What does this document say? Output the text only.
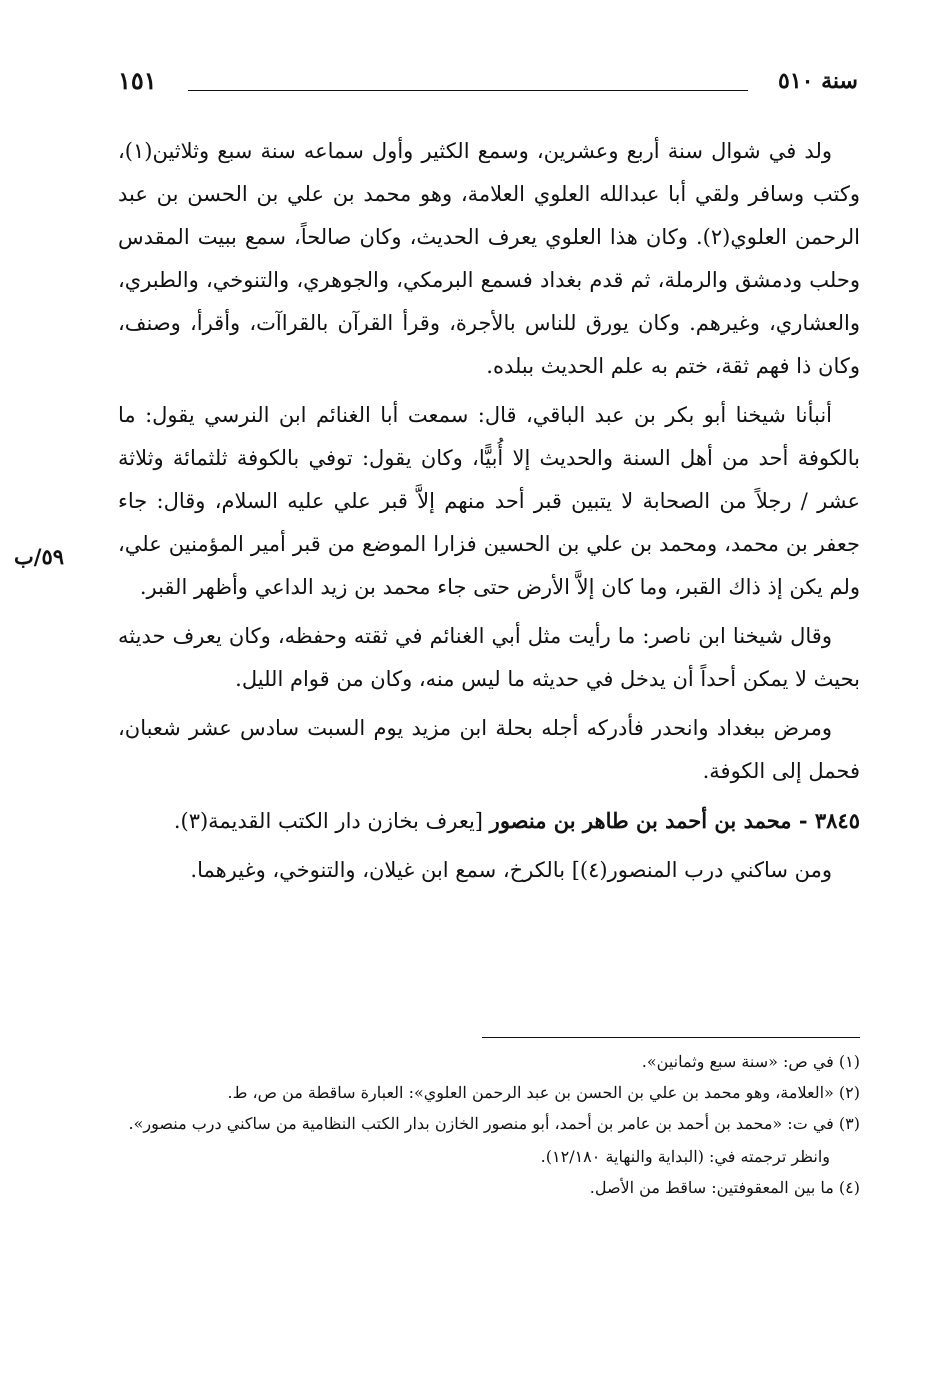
سنة ٥١٠
١٥١
٥٩/ب

ولد في شوال سنة أربع وعشرين، وسمع الكثير وأول سماعه سنة سبع وثلاثين(١)، وكتب وسافر ولقي أبا عبدالله العلوي العلامة، وهو محمد بن علي بن الحسن بن عبد الرحمن العلوي(٢). وكان هذا العلوي يعرف الحديث، وكان صالحاً، سمع ببيت المقدس وحلب ودمشق والرملة، ثم قدم بغداد فسمع البرمكي، والجوهري، والتنوخي، والطبري، والعشاري، وغيرهم. وكان يورق للناس بالأجرة، وقرأ القرآن بالقراآت، وأقرأ، وصنف، وكان ذا فهم ثقة، ختم به علم الحديث ببلده.

أنبأنا شيخنا أبو بكر بن عبد الباقي، قال: سمعت أبا الغنائم ابن النرسي يقول: ما بالكوفة أحد من أهل السنة والحديث إلا أُبيًّا، وكان يقول: توفي بالكوفة ثلثمائة وثلاثة عشر / رجلاً من الصحابة لا يتبين قبر أحد منهم إلاَّ قبر علي عليه السلام، وقال: جاء جعفر بن محمد، ومحمد بن علي بن الحسين فزارا الموضع من قبر أمير المؤمنين علي، ولم يكن إذ ذاك القبر، وما كان إلاَّ الأرض حتى جاء محمد بن زيد الداعي وأظهر القبر.

وقال شيخنا ابن ناصر: ما رأيت مثل أبي الغنائم في ثقته وحفظه، وكان يعرف حديثه بحيث لا يمكن أحداً أن يدخل في حديثه ما ليس منه، وكان من قوام الليل.

ومرض ببغداد وانحدر فأدركه أجله بحلة ابن مزيد يوم السبت سادس عشر شعبان، فحمل إلى الكوفة.

٣٨٤٥ - محمد بن أحمد بن طاهر بن منصور [يعرف بخازن دار الكتب القديمة(٣).

ومن ساكني درب المنصور(٤)] بالكرخ، سمع ابن غيلان، والتنوخي، وغيرهما.

(١) في ص: «سنة سبع وثمانين».

(٢) «العلامة، وهو محمد بن علي بن الحسن بن عبد الرحمن العلوي»: العبارة ساقطة من ص، ط.

(٣) في ت: «محمد بن أحمد بن عامر بن أحمد، أبو منصور الخازن بدار الكتب النظامية من ساكني درب منصور».

وانظر ترجمته في: (البداية والنهاية ١٢/١٨٠).

(٤) ما بين المعقوفتين: ساقط من الأصل.
